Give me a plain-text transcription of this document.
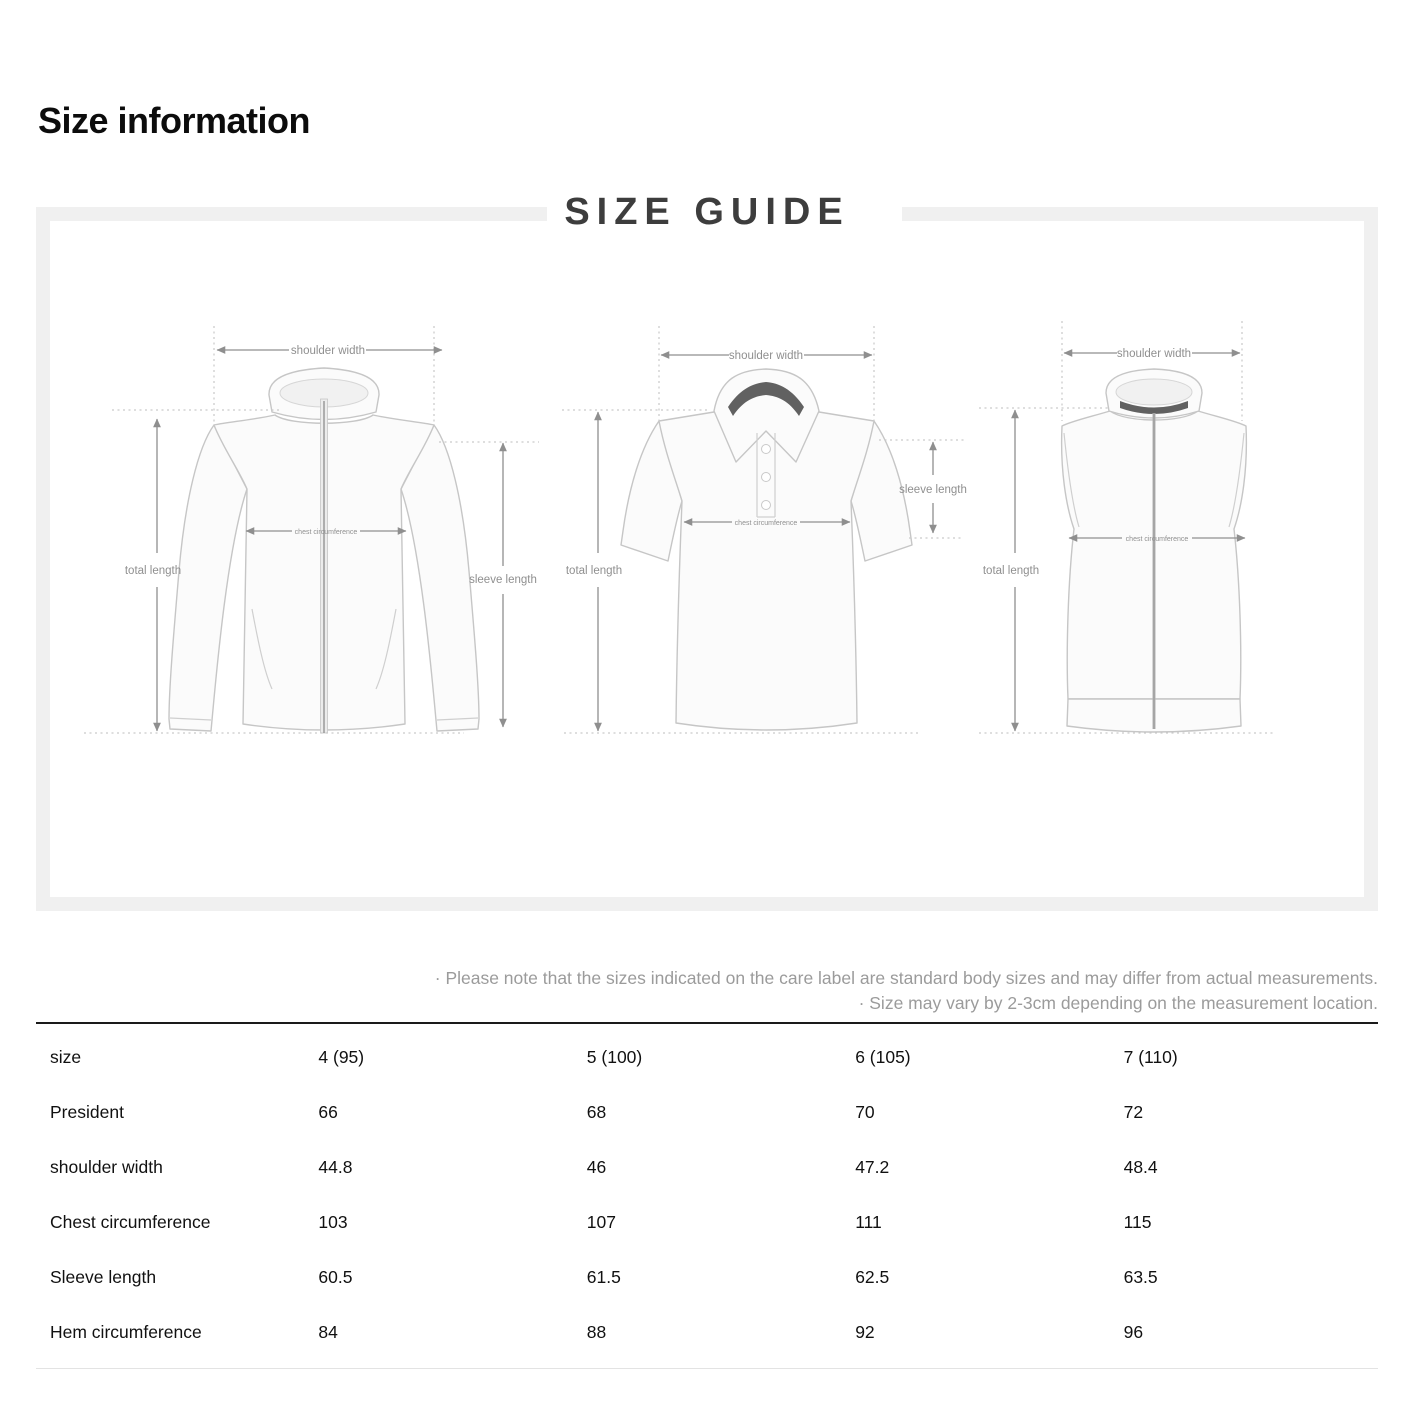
Size information
SIZE GUIDE
shoulder width
total length
chest circumference
sleeve length
shoulder width
total length
chest circumference
sleeve length
shoulder width
total length
chest circumference
· Please note that the sizes indicated on the care label are standard body sizes and may differ from actual measurements.
· Size may vary by 2-3cm depending on the measurement location.
size	4 (95)	5 (100)	6 (105)	7 (110)
President	66	68	70	72
shoulder width	44.8	46	47.2	48.4
Chest circumference	103	107	111	115
Sleeve length	60.5	61.5	62.5	63.5
Hem circumference	84	88	92	96
